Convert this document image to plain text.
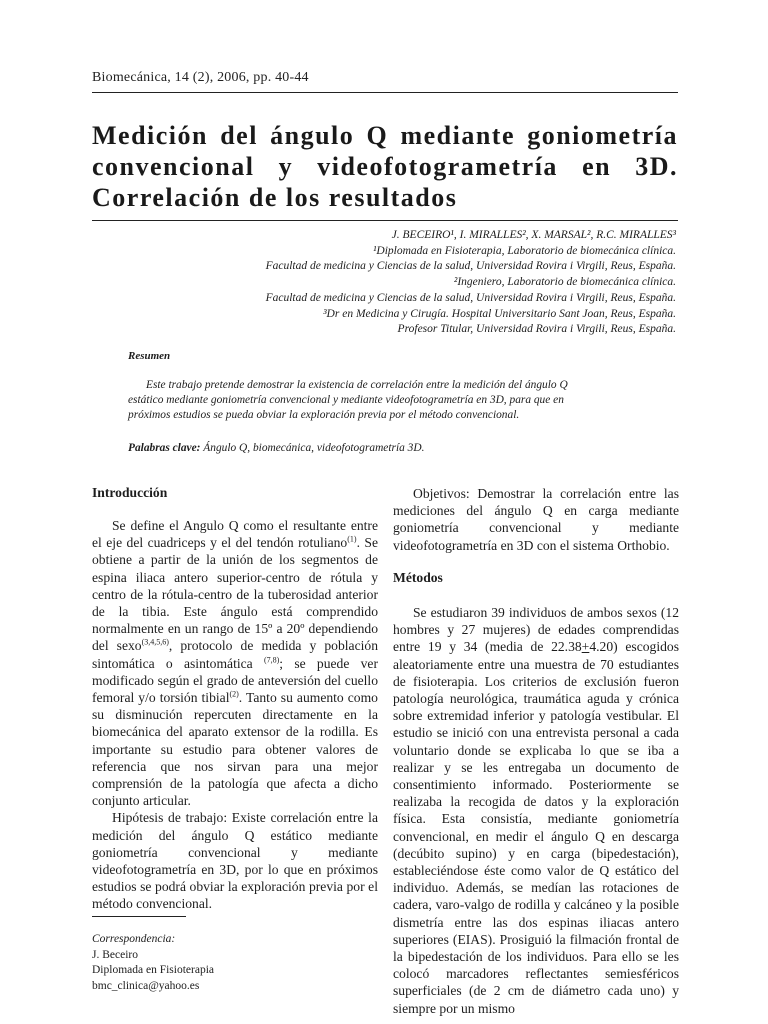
Biomecánica, 14 (2), 2006, pp. 40-44
Medición del ángulo Q mediante goniometría
convencional y videofotogrametría en 3D.
Correlación de los resultados
J. BECEIRO¹, I. MIRALLES², X. MARSAL², R.C. MIRALLES³
¹Diplomada en Fisioterapia, Laboratorio de biomecánica clínica.
Facultad de medicina y Ciencias de la salud, Universidad Rovira i Virgili, Reus, España.
²Ingeniero, Laboratorio de biomecánica clínica.
Facultad de medicina y Ciencias de la salud, Universidad Rovira i Virgili, Reus, España.
³Dr en Medicina y Cirugía. Hospital Universitario Sant Joan, Reus, España.
Profesor Titular, Universidad Rovira i Virgili, Reus, España.
Resumen

Este trabajo pretende demostrar la existencia de correlación entre la medición del ángulo Q
estático mediante goniometría convencional y mediante videofotogrametría en 3D, para que en
próximos estudios se pueda obviar la exploración previa por el método convencional.

Palabras clave: Ángulo Q, biomecánica, videofotogrametría 3D.
Introducción

Se define el Angulo Q como el resultante entre el eje del cuadriceps y el del tendón rotuliano$^{(1)}$. Se obtiene a partir de la unión de los segmentos de espina iliaca antero superior-centro de rótula y centro de la rótula-centro de la tuberosidad anterior de la tibia. Este ángulo está comprendido normalmente en un rango de 15º a 20º dependiendo del sexo$^{(3,4,5,6)}$, protocolo de medida y población sintomática o asintomática $^{(7,8)}$; se puede ver modificado según el grado de anteversión del cuello femoral y/o torsión tibial$^{(2)}$. Tanto su aumento como su disminución repercuten directamente en la biomecánica del aparato extensor de la rodilla. Es importante su estudio para obtener valores de referencia que nos sirvan para una mejor comprensión de la patología que afecta a dicho conjunto articular.

Hipótesis de trabajo: Existe correlación entre la medición del ángulo Q estático mediante goniometría convencional y mediante videofotogrametría en 3D, por lo que en próximos estudios se podrá obviar la exploración previa por el método convencional.

Objetivos: Demostrar la correlación entre las mediciones del ángulo Q en carga mediante goniometría convencional y mediante videofotogrametría en 3D con el sistema Orthobio.

Métodos

Se estudiaron 39 individuos de ambos sexos (12 hombres y 27 mujeres) de edades comprendidas entre 19 y 34 (media de 22.38+4.20) escogidos aleatoriamente entre una muestra de 70 estudiantes de fisioterapia. Los criterios de exclusión fueron patología neurológica, traumática aguda y crónica sobre extremidad inferior y patología vestibular. El estudio se inició con una entrevista personal a cada voluntario donde se explicaba lo que se iba a realizar y se les entregaba un documento de consentimiento informado. Posteriormente se realizaba la recogida de datos y la exploración física. Esta consistía, mediante goniometría convencional, en medir el ángulo Q en descarga (decúbito supino) y en carga (bipedestación), estableciéndose éste como valor de Q estático del individuo. Además, se medían las rotaciones de cadera, varo-valgo de rodilla y calcáneo y la posible dismetría entre las dos espinas iliacas antero superiores (EIAS). Prosiguió la filmación frontal de la bipedestación de los individuos. Para ello se les colocó marcadores reflectantes semiesféricos superficiales (de 2 cm de diámetro cada uno) y siempre por un mismo

Correspondencia:
J. Beceiro
Diplomada en Fisioterapia
bmc_clinica@yahoo.es
